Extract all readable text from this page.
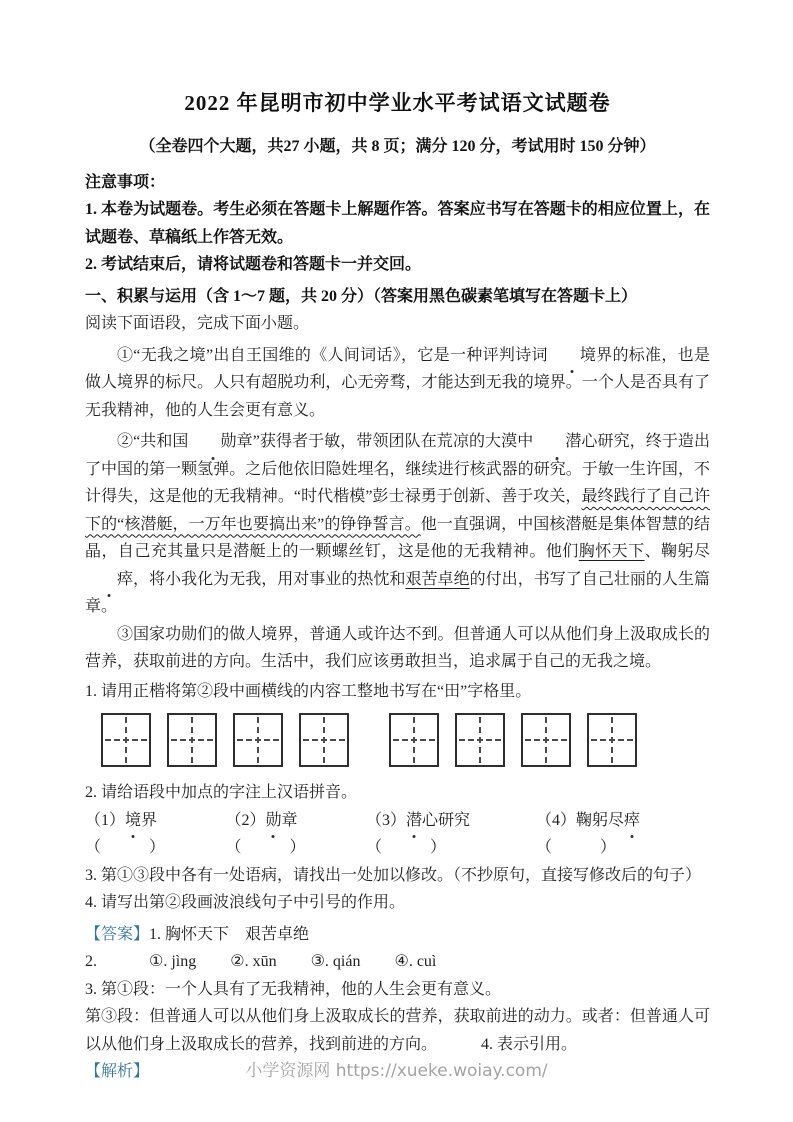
2022 年昆明市初中学业水平考试语文试题卷
（全卷四个大题，共27 小题，共 8 页；满分 120 分，考试用时 150 分钟）

注意事项：

1. 本卷为试题卷。考生必须在答题卡上解题作答。答案应书写在答题卡的相应位置上，在试题卷、草稿纸上作答无效。

2. 考试结束后，请将试题卷和答题卡一并交回。

一、积累与运用（含 1～7 题，共 20 分）（答案用黑色碳素笔填写在答题卡上）

阅读下面语段，完成下面小题。

①“无我之境”出自王国维的《人间词话》，它是一种评判诗词 境界的标准，也是做人境界的标尺。人只有超脱功利，心无旁骛，才能达到无我的境界。一个人是否具有了无我精神，他的人生会更有意义。

②“共和国 勋章”获得者于敏，带领团队在荒凉的大漠中 潜心研究，终于造出了中国的第一颗氢弹。之后他依旧隐姓埋名，继续进行核武器的研究。于敏一生许国，不计得失，这是他的无我精神。“时代楷模”彭士禄勇于创新、善于攻关，最终践行了自己许下的“核潜艇，一万年也要搞出来”的铮铮誓言。他一直强调，中国核潜艇是集体智慧的结晶，自己充其量只是潜艇上的一颗螺丝钉，这是他的无我精神。他们胸怀天下、鞠躬尽瘁，将小我化为无我，用对事业的热忱和艰苦卓绝的付出，书写了自己壮丽的人生篇章。

③国家功勋们的做人境界，普通人或许达不到。但普通人可以从他们身上汲取成长的营养，获取前进的方向。生活中，我们应该勇敢担当，追求属于自己的无我之境。

1. 请用正楷将第②段中画横线的内容工整地书写在“田”字格里。

2. 请给语段中加点的字注上汉语拼音。

（1）境界（　　　）
（2）勋章（　　　）
（3）潜心研究（　　　）
（4）鞠躬尽瘁（　　　）

3. 第①③段中各有一处语病，请找出一处加以修改。（不抄原句，直接写修改后的句子）

4. 请写出第②段画波浪线句子中引号的作用。

【答案】1. 胸怀天下　艰苦卓绝

2.	①. jìng ②. xūn ③. qián ④. cuì

3. 第①段：一个人具有了无我精神，他的人生会更有意义。

第③段：但普通人可以从他们身上汲取成长的营养，获取前进的动力。或者：但普通人可以从他们身上汲取成长的营养，找到前进的方向。	4. 表示引用。

【解析】	小学资源网 https://xueke.woiay.com/
